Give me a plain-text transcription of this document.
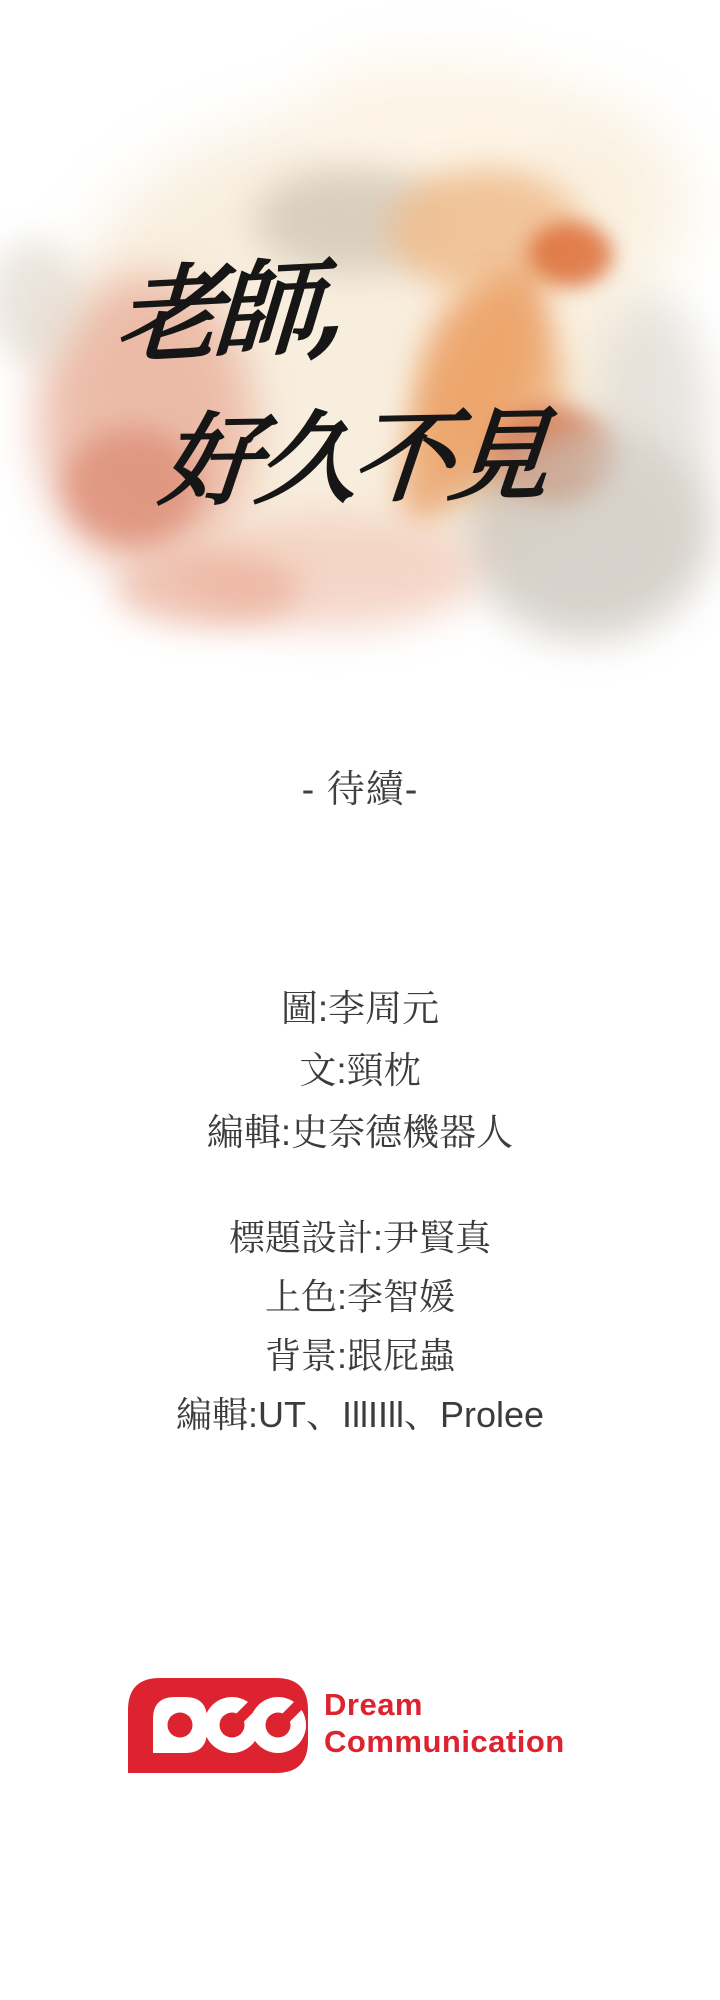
老師,
好久不見
- 待續-
圖:李周元
文:頸枕
編輯:史奈德機器人
標題設計:尹賢真
上色:李智媛
背景:跟屁蟲
編輯:UT、IllIIll、Prolee
Dream
Communication
